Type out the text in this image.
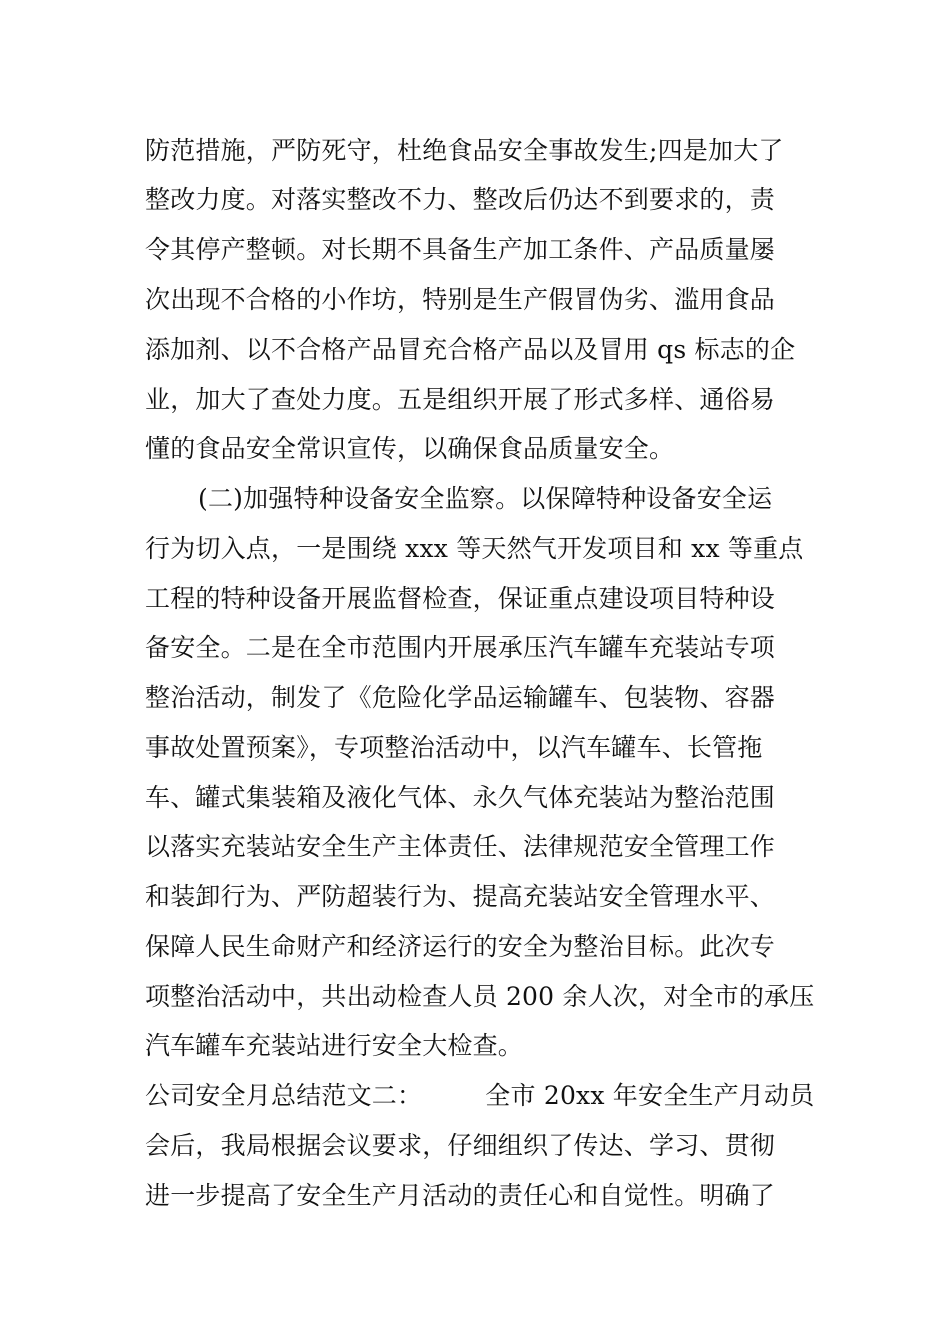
防范措施，严防死守，杜绝食品安全事故发生;四是加大了
整改力度。对落实整改不力、整改后仍达不到要求的，责
令其停产整顿。对长期不具备生产加工条件、产品质量屡
次出现不合格的小作坊，特别是生产假冒伪劣、滥用食品
添加剂、以不合格产品冒充合格产品以及冒用 qs 标志的企
业，加大了查处力度。五是组织开展了形式多样、通俗易
懂的食品安全常识宣传，以确保食品质量安全。
(二)加强特种设备安全监察。以保障特种设备安全运
行为切入点，一是围绕 xxx 等天然气开发项目和 xx 等重点
工程的特种设备开展监督检查，保证重点建设项目特种设
备安全。二是在全市范围内开展承压汽车罐车充装站专项
整治活动，制发了《危险化学品运输罐车、包装物、容器
事故处置预案》，专项整治活动中，以汽车罐车、长管拖
车、罐式集装箱及液化气体、永久气体充装站为整治范围
以落实充装站安全生产主体责任、法律规范安全管理工作
和装卸行为、严防超装行为、提高充装站安全管理水平、
保障人民生命财产和经济运行的安全为整治目标。此次专
项整治活动中，共出动检查人员 200 余人次，对全市的承压
汽车罐车充装站进行安全大检查。
公司安全月总结范文二：　　　全市 20xx 年安全生产月动员
会后，我局根据会议要求，仔细组织了传达、学习、贯彻
进一步提高了安全生产月活动的责任心和自觉性。明确了
